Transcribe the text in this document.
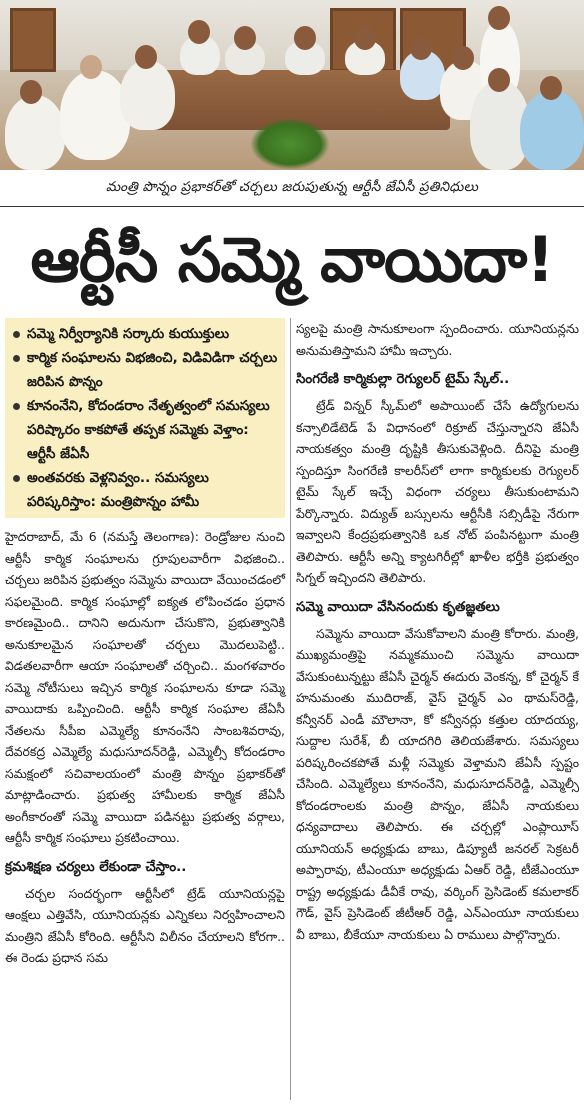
మంత్రి పొన్నం ప్రభాకర్‌తో చర్చలు జరుపుతున్న ఆర్టీసీ జేఏసీ ప్రతినిధులు
ఆర్టీసీ సమ్మె వాయిదా!
సమ్మె నిర్వీర్యానికి సర్కారు కుయుక్తులు
కార్మిక సంఘాలను విభజించి, విడివిడిగా చర్చలు జరిపిన పొన్నం
కూనంనేని, కోదండరాం నేతృత్వంలో సమస్యలు పరిష్కారం కాకపోతే తప్పక సమ్మెకు వెళ్తాం: ఆర్టీసీ జేఏసీ
అంతవరకు వెళ్లనివ్వం.. సమస్యలు పరిష్కరిస్తాం: మంత్రిపొన్నం హామీ

హైదరాబాద్‌, మే 6 (నమస్తే తెలంగాణ): రెండ్రోజుల నుంచి ఆర్టీసీ కార్మిక సంఘాలను గ్రూపులవారీగా విభజించి.. చర్చలు జరిపిన ప్రభుత్వం సమ్మెను వాయిదా వేయించడంలో సఫలమైంది. కార్మిక సంఘాల్లో ఐక్యత లోపించడం ప్రధాన కారణమైంది.. దానిని అదునుగా చేసుకొని, ప్రభుత్వానికి అనుకూలమైన సంఘాలతో చర్చలు మొదలుపెట్టి.. విడతలవారీగా ఆయా సంఘాలతో చర్చించి.. మంగళవారం సమ్మె నోటీసులు ఇచ్చిన కార్మిక సంఘాలను కూడా సమ్మె వాయిదాకు ఒప్పించింది. ఆర్టీసీ కార్మిక సంఘాల జేఏసీ నేతలను సీపీఐ ఎమ్మెల్యే కూనంనేని సాంబశివరావు, దేవరకద్ర ఎమ్మెల్యే మధుసూదన్‌రెడ్డి, ఎమ్మెల్సీ కోదండరాం సమక్షంలో సచివాలయంలో మంత్రి పొన్నం ప్రభాకర్‌తో మాట్లాడించారు. ప్రభుత్వ హామీలకు కార్మిక జేఏసీ అంగీకారంతో సమ్మె వాయిదా పడినట్టు ప్రభుత్వ వర్గాలు, ఆర్టీసీ కార్మిక సంఘాలు ప్రకటించాయి.

క్రమశిక్షణ చర్యలు లేకుండా చేస్తాం..

చర్చల సందర్భంగా ఆర్టీసీలో ట్రేడ్‌ యూనియన్లపై ఆంక్షలు ఎత్తివేసి, యూనియన్లకు ఎన్నికలు నిర్వహించాలని మంత్రిని జేఏసీ కోరింది. ఆర్టీసీని విలీనం చేయాలని కోరగా.. ఈ రెండు ప్రధాన సమ

స్యలపై మంత్రి సానుకూలంగా స్పందించారు. యూనియన్లను అనుమతిస్తామని హామీ ఇచ్చారు.

సింగరేణి కార్మికుల్లా రెగ్యులర్‌ టైమ్‌ స్కేల్‌..

ట్రేడ్‌ విన్నర్‌ స్కీమ్‌లో అపాయింట్‌ చేసే ఉద్యోగులను కన్సాలిడేటెడ్‌ పే విధానంలో రిక్రూట్‌ చేస్తున్నారని జేఏసీ నాయకత్వం మంత్రి దృష్టికి తీసుకువెళ్లింది. దీనిపై మంత్రి స్పందిస్తూ సింగరేణి కాలరీస్‌లో లాగా కార్మికులకు రెగ్యులర్‌ టైమ్‌ స్కేల్‌ ఇచ్చే విధంగా చర్యలు తీసుకుంటామని పేర్కొన్నారు. విద్యుత్‌ బస్సులను ఆర్టీసీకి సబ్సిడీపై నేరుగా ఇవ్వాలని కేంద్రప్రభుత్వానికి ఒక నోట్‌ పంపినట్టుగా మంత్రి తెలిపారు. ఆర్టీసీ అన్ని క్యాటగిరీల్లో ఖాళీల భర్తీకి ప్రభుత్వం సిగ్నల్‌ ఇచ్చిందని తెలిపారు.

సమ్మె వాయిదా వేసినందుకు కృతజ్ఞతలు

సమ్మెను వాయిదా వేసుకోవాలని మంత్రి కోరారు. మంత్రి, ముఖ్యమంత్రిపై నమ్మకముంచి సమ్మెను వాయిదా వేసుకుంటున్నట్టు జేఏసీ చైర్మన్‌ ఈదురు వెంకన్న, కో చైర్మన్‌ కే హనుమంతు ముదిరాజ్‌, వైస్‌ చైర్మన్‌ ఎం థామస్‌రెడ్డి, కన్వీనర్‌ ఎండీ మౌలానా, కో కన్వీనర్లు కత్తుల యాదయ్య, సుద్దాల సురేశ్‌, బీ యాదగిరి తెలియజేశారు. సమస్యలు పరిష్కరించకపోతే మళ్లీ సమ్మెకు వెళ్తామని జేఏసీ స్పష్టం చేసింది. ఎమ్మెల్యేలు కూనంనేని, మధుసూదన్‌రెడ్డి, ఎమ్మెల్సీ కోదండరాంలకు మంత్రి పొన్నం, జేఏసీ నాయకులు ధన్యవాదాలు తెలిపారు. ఈ చర్చల్లో ఎంప్లాయీస్‌ యూనియన్‌ అధ్యక్షుడు బాబు, డిప్యూటీ జనరల్‌ సెక్రటరీ అప్పారావు, టీఎంయూ అధ్యక్షుడు ఏఆర్‌ రెడ్డి, టీజేఎంయూ రాష్ట్ర అధ్యక్షుడు డీవీకే రావు, వర్కింగ్‌ ప్రెసిడెంట్‌ కమలాకర్‌ గౌడ్‌, వైస్‌ ప్రెసిడెంట్‌ జీటీఆర్‌ రెడ్డి, ఎన్‌ఎంయూ నాయకులు వీ బాబు, బీకేయూ నాయకులు ఏ రాములు పాల్గొన్నారు.
